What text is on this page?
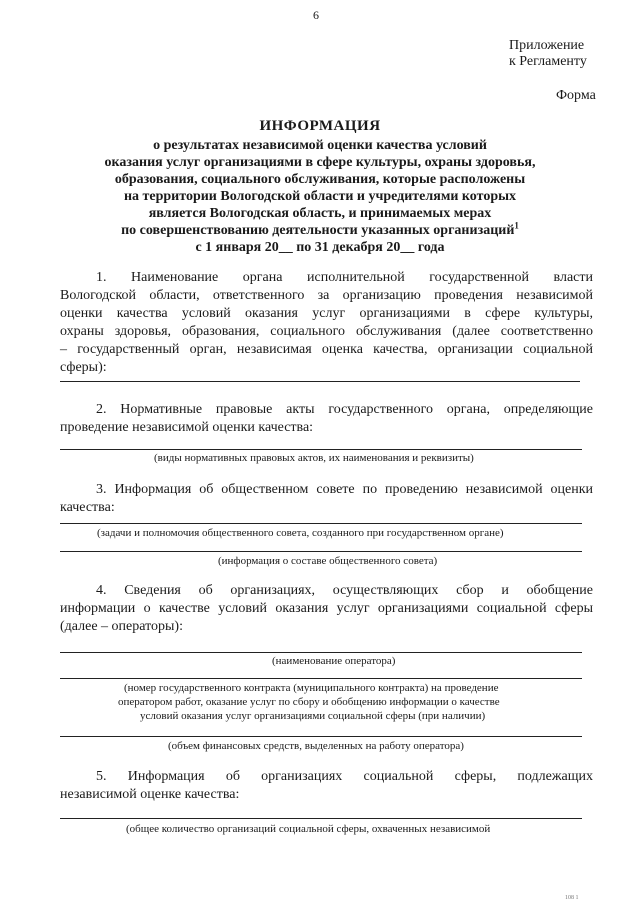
6
Приложение
к Регламенту
Форма
ИНФОРМАЦИЯ
о результатах независимой оценки качества условий
оказания услуг организациями в сфере культуры, охраны здоровья,
образования, социального обслуживания, которые расположены
на территории Вологодской области и учредителями которых
является Вологодская область, и принимаемых мерах
по совершенствованию деятельности указанных организаций$^1$
с 1 января 20__ по 31 декабря 20__ года
1. Наименование органа исполнительной государственной власти
Вологодской области, ответственного за организацию проведения независимой
оценки качества условий оказания услуг организациями в сфере культуры,
охраны здоровья, образования, социального обслуживания (далее соответственно
– государственный орган, независимая оценка качества, организации социальной
сферы):
2. Нормативные правовые акты государственного органа, определяющие
проведение независимой оценки качества:
(виды нормативных правовых актов, их наименования и реквизиты)
3. Информация об общественном совете по проведению независимой оценки
качества:
(задачи и полномочия общественного совета, созданного при государственном органе)
(информация о составе общественного совета)
4. Сведения об организациях, осуществляющих сбор и обобщение
информации о качестве условий оказания услуг организациями социальной сферы
(далее – операторы):
(наименование оператора)
(номер государственного контракта (муниципального контракта) на проведение
оператором работ, оказание услуг по сбору и обобщению информации о качестве
условий оказания услуг организациями социальной сферы (при наличии)
(объем финансовых средств, выделенных на работу оператора)
5. Информация об организациях социальной сферы, подлежащих
независимой оценке качества:
(общее количество организаций социальной сферы, охваченных независимой
108 1
